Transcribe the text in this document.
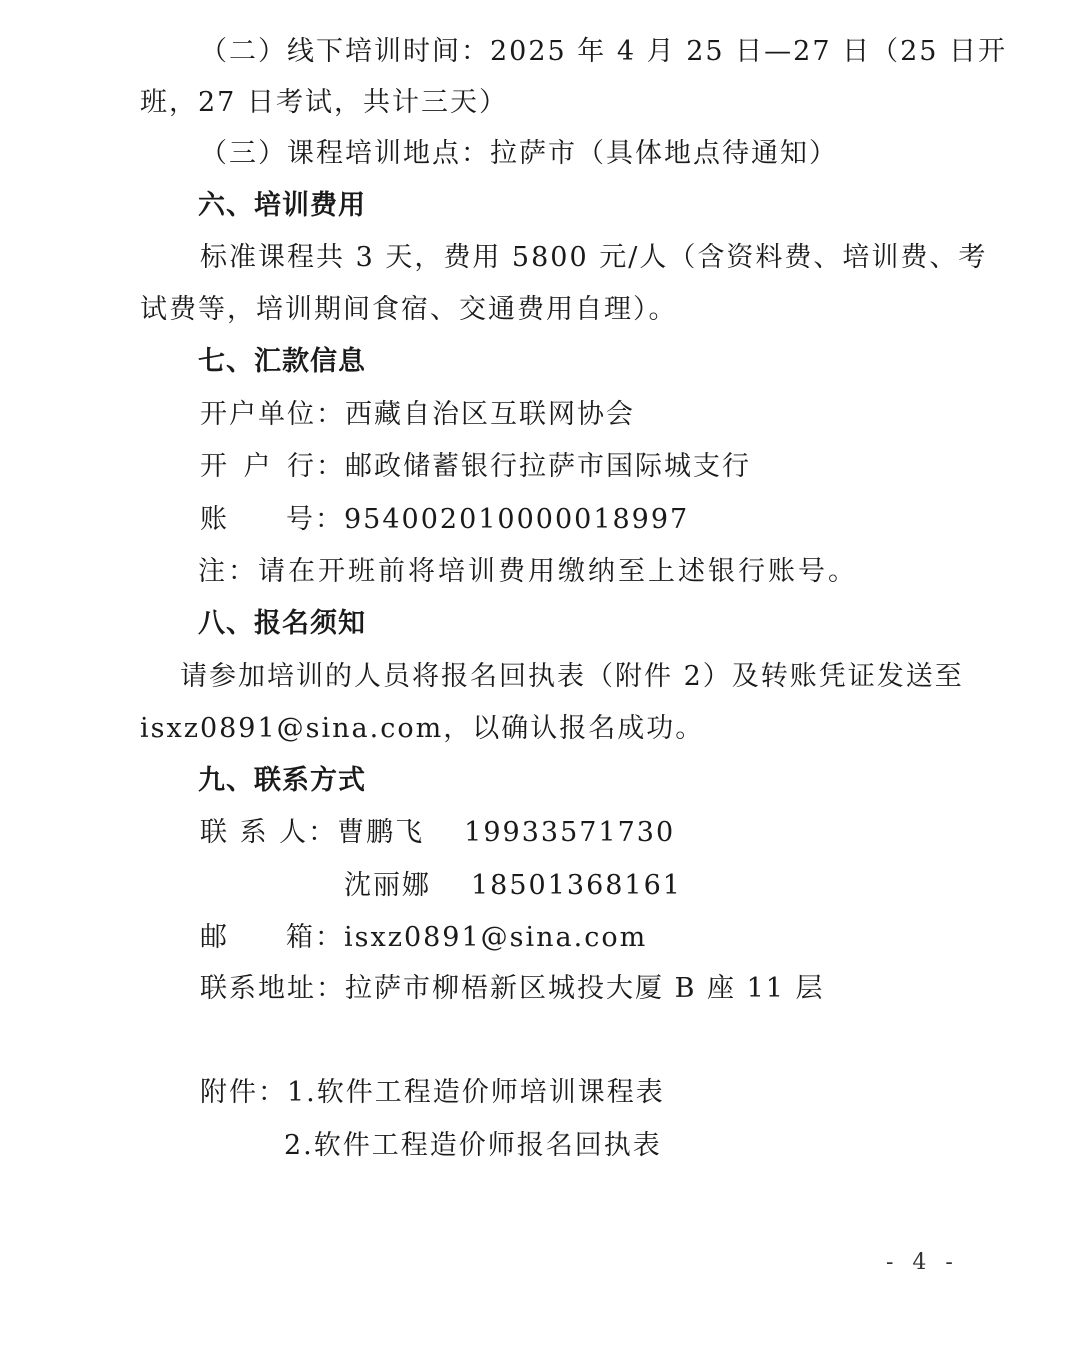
（二）线下培训时间：2025 年 4 月 25 日—27 日（25 日开
班，27 日考试，共计三天）
（三）课程培训地点：拉萨市（具体地点待通知）
六、培训费用
标准课程共 3 天，费用 5800 元/人（含资料费、培训费、考
试费等，培训期间食宿、交通费用自理）。
七、汇款信息
开户单位：西藏自治区互联网协会
开 户 行： 邮政储蓄银行拉萨市国际城支行
账 号：954002010000018997
注：请在开班前将培训费用缴纳至上述银行账号。
八、报名须知
请参加培训的人员将报名回执表（附件 2）及转账凭证发送至
isxz0891@sina.com，以确认报名成功。
九、联系方式
联 系 人：曹鹏飞 19933571730
沈丽娜 18501368161
邮 箱：isxz0891@sina.com
联系地址：拉萨市柳梧新区城投大厦 B 座 11 层
附件：1.软件工程造价师培训课程表
2.软件工程造价师报名回执表
- 4 -
